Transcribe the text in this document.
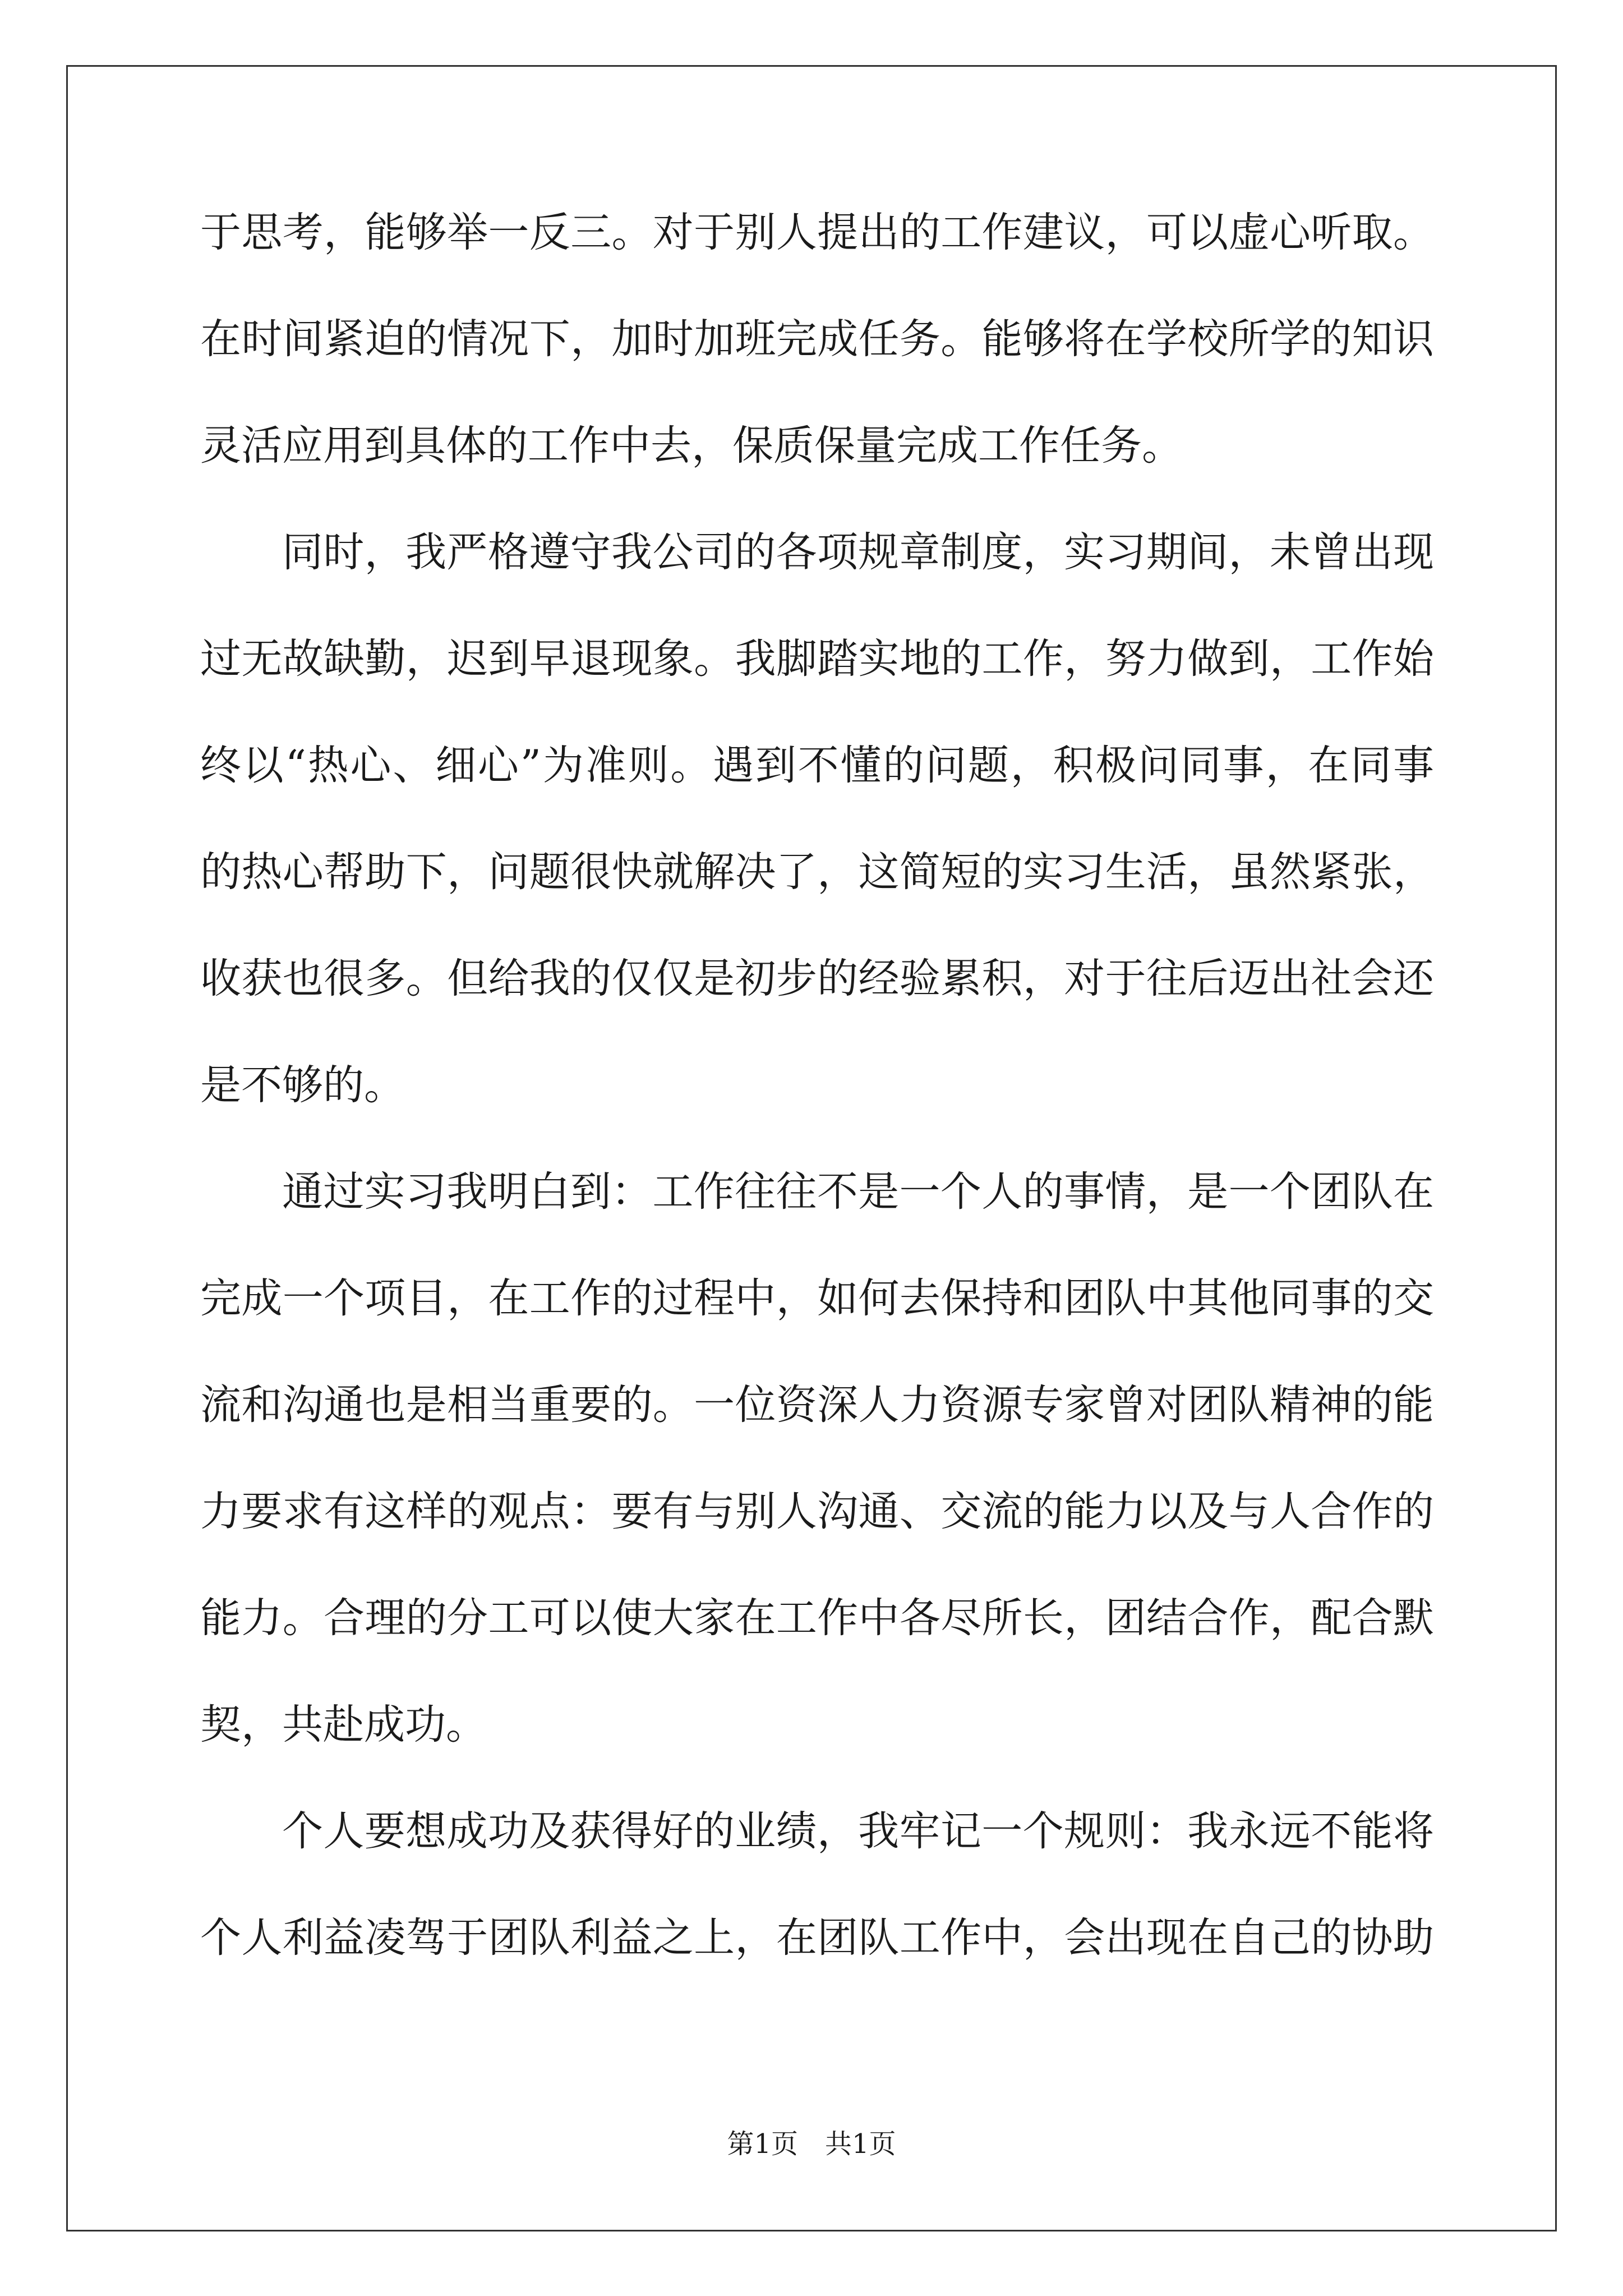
于思考，能够举一反三。对于别人提出的工作建议，可以虚心听取。
在时间紧迫的情况下，加时加班完成任务。能够将在学校所学的知识
灵活应用到具体的工作中去，保质保量完成工作任务。
同时，我严格遵守我公司的各项规章制度，实习期间，未曾出现
过无故缺勤，迟到早退现象。我脚踏实地的工作，努力做到，工作始
终以“热心、细心”为准则。遇到不懂的问题，积极问同事，在同事
的热心帮助下，问题很快就解决了，这简短的实习生活，虽然紧张，
收获也很多。但给我的仅仅是初步的经验累积，对于往后迈出社会还
是不够的。
通过实习我明白到：工作往往不是一个人的事情，是一个团队在
完成一个项目，在工作的过程中，如何去保持和团队中其他同事的交
流和沟通也是相当重要的。一位资深人力资源专家曾对团队精神的能
力要求有这样的观点：要有与别人沟通、交流的能力以及与人合作的
能力。合理的分工可以使大家在工作中各尽所长，团结合作，配合默
契，共赴成功。
个人要想成功及获得好的业绩，我牢记一个规则：我永远不能将
个人利益凌驾于团队利益之上，在团队工作中，会出现在自己的协助
第1页　共1页
